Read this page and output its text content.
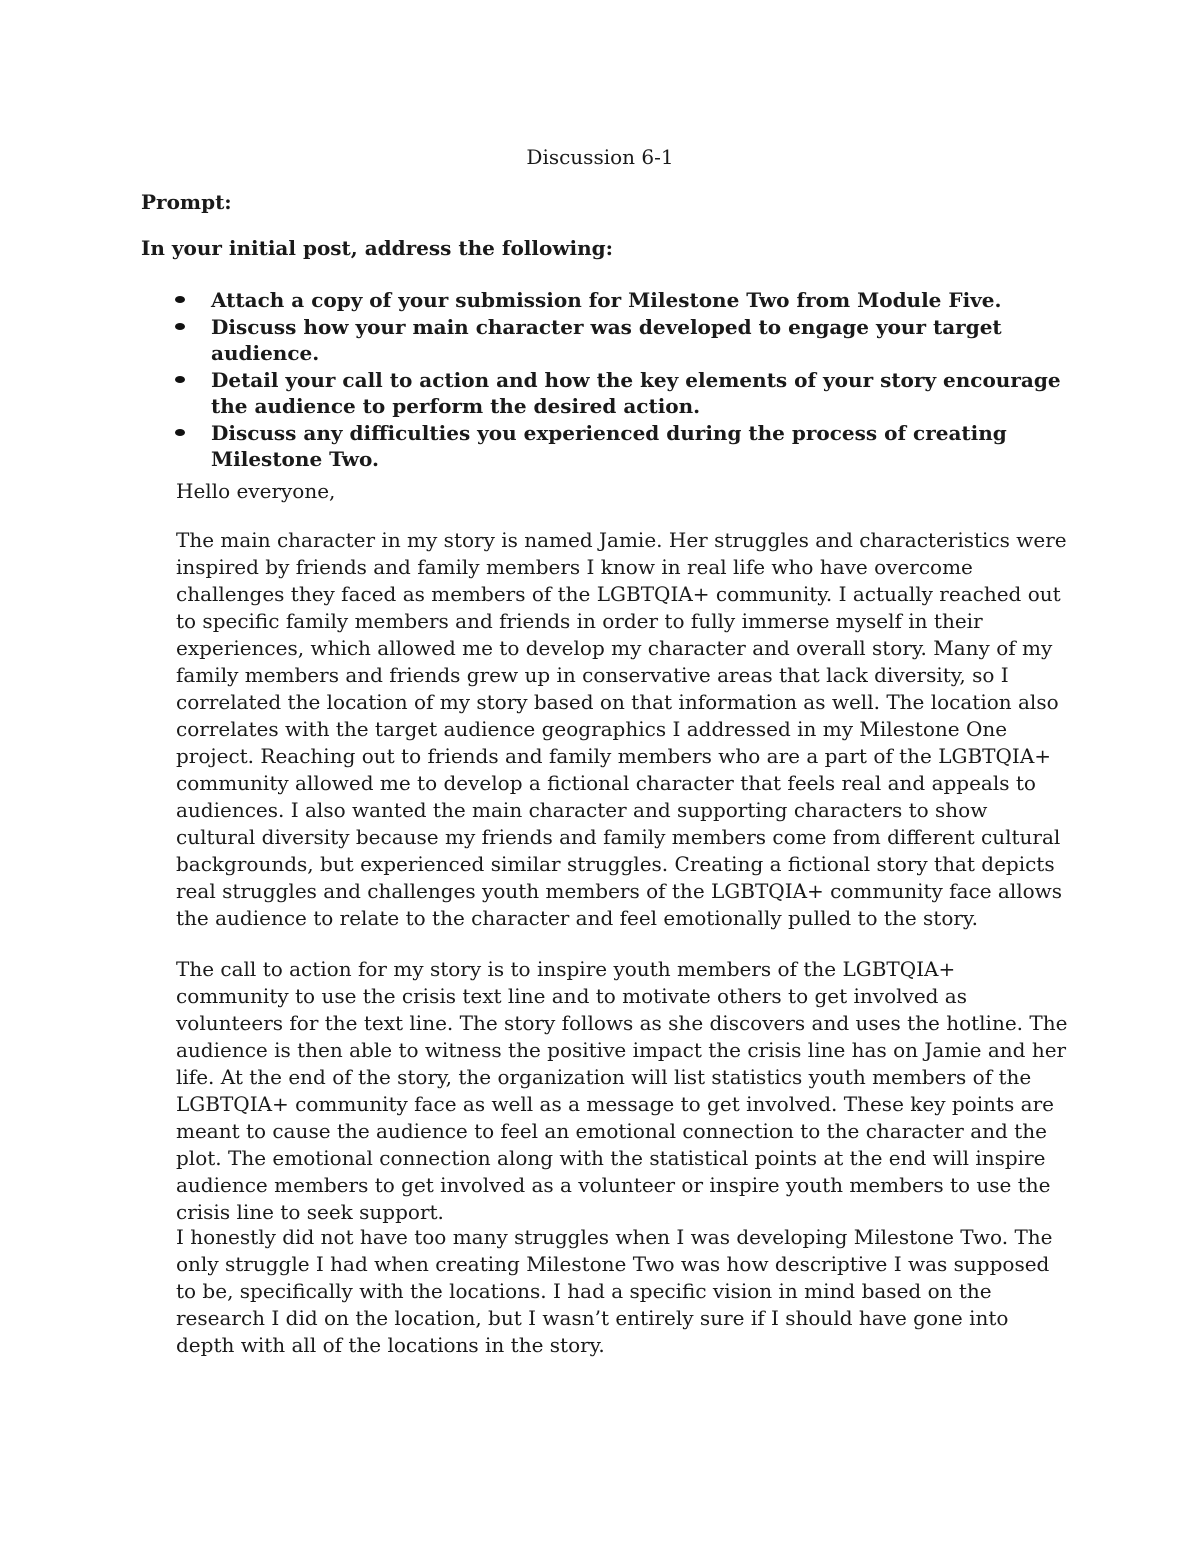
Discussion 6-1

Prompt:

In your initial post, address the following:

Attach a copy of your submission for Milestone Two from Module Five.
Discuss how your main character was developed to engage your target audience.
Detail your call to action and how the key elements of your story encourage the audience to perform the desired action.
Discuss any difficulties you experienced during the process of creating Milestone Two.

Hello everyone,

The main character in my story is named Jamie. Her struggles and characteristics were inspired by friends and family members I know in real life who have overcome challenges they faced as members of the LGBTQIA+ community. I actually reached out to specific family members and friends in order to fully immerse myself in their experiences, which allowed me to develop my character and overall story. Many of my family members and friends grew up in conservative areas that lack diversity, so I correlated the location of my story based on that information as well. The location also correlates with the target audience geographics I addressed in my Milestone One project. Reaching out to friends and family members who are a part of the LGBTQIA+ community allowed me to develop a fictional character that feels real and appeals to audiences. I also wanted the main character and supporting characters to show cultural diversity because my friends and family members come from different cultural backgrounds, but experienced similar struggles. Creating a fictional story that depicts real struggles and challenges youth members of the LGBTQIA+ community face allows the audience to relate to the character and feel emotionally pulled to the story.

The call to action for my story is to inspire youth members of the LGBTQIA+ community to use the crisis text line and to motivate others to get involved as volunteers for the text line. The story follows as she discovers and uses the hotline. The audience is then able to witness the positive impact the crisis line has on Jamie and her life. At the end of the story, the organization will list statistics youth members of the LGBTQIA+ community face as well as a message to get involved. These key points are meant to cause the audience to feel an emotional connection to the character and the plot. The emotional connection along with the statistical points at the end will inspire audience members to get involved as a volunteer or inspire youth members to use the crisis line to seek support.

I honestly did not have too many struggles when I was developing Milestone Two. The only struggle I had when creating Milestone Two was how descriptive I was supposed to be, specifically with the locations. I had a specific vision in mind based on the research I did on the location, but I wasn’t entirely sure if I should have gone into depth with all of the locations in the story.
